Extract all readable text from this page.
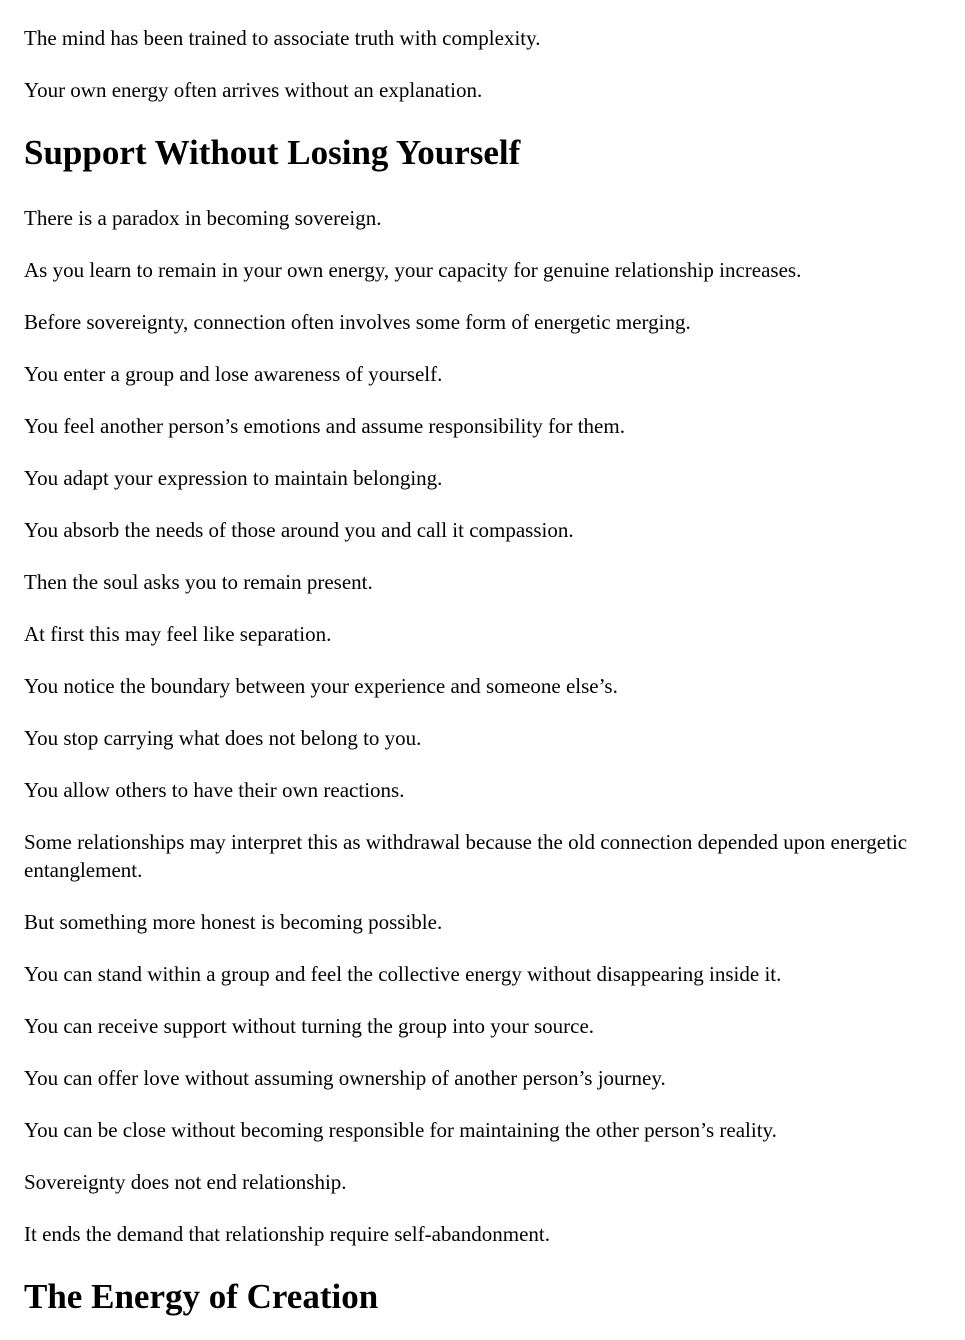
The mind has been trained to associate truth with complexity.

Your own energy often arrives without an explanation.

Support Without Losing Yourself

There is a paradox in becoming sovereign.

As you learn to remain in your own energy, your capacity for genuine relationship increases.

Before sovereignty, connection often involves some form of energetic merging.

You enter a group and lose awareness of yourself.

You feel another person’s emotions and assume responsibility for them.

You adapt your expression to maintain belonging.

You absorb the needs of those around you and call it compassion.

Then the soul asks you to remain present.

At first this may feel like separation.

You notice the boundary between your experience and someone else’s.

You stop carrying what does not belong to you.

You allow others to have their own reactions.

Some relationships may interpret this as withdrawal because the old connection depended upon energetic entanglement.

But something more honest is becoming possible.

You can stand within a group and feel the collective energy without disappearing inside it.

You can receive support without turning the group into your source.

You can offer love without assuming ownership of another person’s journey.

You can be close without becoming responsible for maintaining the other person’s reality.

Sovereignty does not end relationship.

It ends the demand that relationship require self-abandonment.

The Energy of Creation
